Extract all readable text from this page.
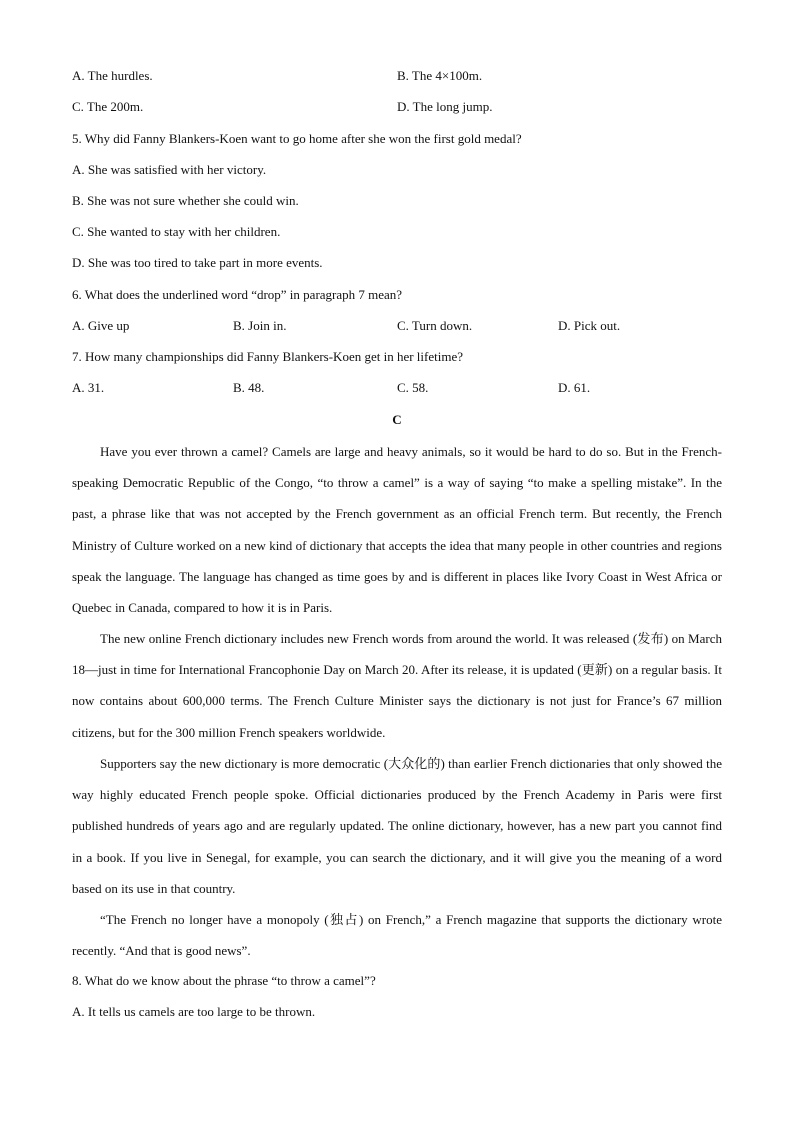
A. The hurdles.	B. The 4×100m.
C. The 200m.	D. The long jump.
5. Why did Fanny Blankers-Koen want to go home after she won the first gold medal?
A. She was satisfied with her victory.
B. She was not sure whether she could win.
C. She wanted to stay with her children.
D. She was too tired to take part in more events.
6. What does the underlined word “drop” in paragraph 7 mean?
A. Give up	B. Join in.	C. Turn down.	D. Pick out.
7. How many championships did Fanny Blankers-Koen get in her lifetime?
A. 31.	B. 48.	C. 58.	D. 61.
C

Have you ever thrown a camel? Camels are large and heavy animals, so it would be hard to do so. But in the French-speaking Democratic Republic of the Congo, “to throw a camel” is a way of saying “to make a spelling mistake”. In the past, a phrase like that was not accepted by the French government as an official French term. But recently, the French Ministry of Culture worked on a new kind of dictionary that accepts the idea that many people in other countries and regions speak the language. The language has changed as time goes by and is different in places like Ivory Coast in West Africa or Quebec in Canada, compared to how it is in Paris.

The new online French dictionary includes new French words from around the world. It was released (发布) on March 18—just in time for International Francophonie Day on March 20. After its release, it is updated (更新) on a regular basis. It now contains about 600,000 terms. The French Culture Minister says the dictionary is not just for France’s 67 million citizens, but for the 300 million French speakers worldwide.

Supporters say the new dictionary is more democratic (大众化的) than earlier French dictionaries that only showed the way highly educated French people spoke. Official dictionaries produced by the French Academy in Paris were first published hundreds of years ago and are regularly updated. The online dictionary, however, has a new part you cannot find in a book. If you live in Senegal, for example, you can search the dictionary, and it will give you the meaning of a word based on its use in that country.

“The French no longer have a monopoly (独占) on French,” a French magazine that supports the dictionary wrote recently. “And that is good news”.

8. What do we know about the phrase “to throw a camel”?
A. It tells us camels are too large to be thrown.
